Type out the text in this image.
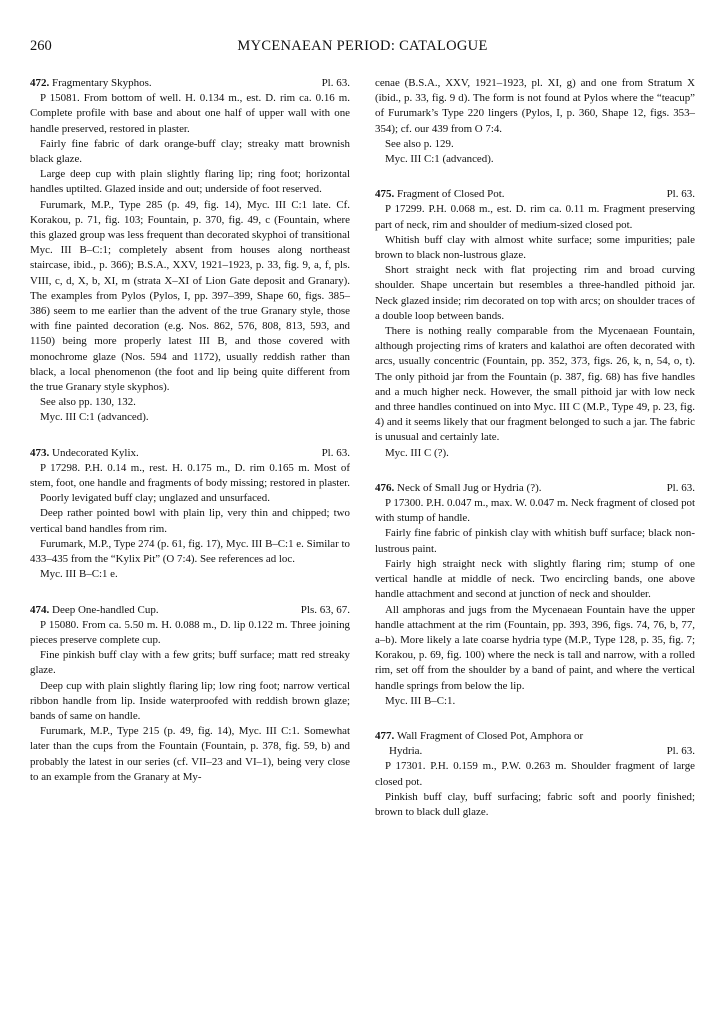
260	MYCENAEAN PERIOD: CATALOGUE
472. Fragmentary Skyphos.	Pl. 63.

P 15081. From bottom of well. H. 0.134 m., est. D. rim ca. 0.16 m. Complete profile with base and about one half of upper wall with one handle preserved, restored in plaster.

Fairly fine fabric of dark orange-buff clay; streaky matt brownish black glaze.

Large deep cup with plain slightly flaring lip; ring foot; horizontal handles uptilted. Glazed inside and out; underside of foot reserved.

Furumark, M.P., Type 285 (p. 49, fig. 14), Myc. III C:1 late. Cf. Korakou, p. 71, fig. 103; Fountain, p. 370, fig. 49, c (Fountain, where this glazed group was less frequent than decorated skyphoi of transitional Myc. III B–C:1; completely absent from houses along northeast staircase, ibid., p. 366); B.S.A., XXV, 1921–1923, p. 33, fig. 9, a, f, pls. VIII, c, d, X, b, XI, m (strata X–XI of Lion Gate deposit and Granary). The examples from Pylos (Pylos, I, pp. 397–399, Shape 60, figs. 385–386) seem to me earlier than the advent of the true Granary style, those with fine painted decoration (e.g. Nos. 862, 576, 808, 813, 593, and 1150) being more properly latest III B, and those covered with monochrome glaze (Nos. 594 and 1172), usually reddish rather than black, a local phenomenon (the foot and lip being quite different from the true Granary style skyphos).

See also pp. 130, 132.

Myc. III C:1 (advanced).

473. Undecorated Kylix.	Pl. 63.

P 17298. P.H. 0.14 m., rest. H. 0.175 m., D. rim 0.165 m. Most of stem, foot, one handle and fragments of body missing; restored in plaster.

Poorly levigated buff clay; unglazed and unsurfaced.

Deep rather pointed bowl with plain lip, very thin and chipped; two vertical band handles from rim.

Furumark, M.P., Type 274 (p. 61, fig. 17), Myc. III B–C:1 e. Similar to 433–435 from the “Kylix Pit” (O 7:4). See references ad loc.

Myc. III B–C:1 e.

474. Deep One-handled Cup.	Pls. 63, 67.

P 15080. From ca. 5.50 m. H. 0.088 m., D. lip 0.122 m. Three joining pieces preserve complete cup.

Fine pinkish buff clay with a few grits; buff surface; matt red streaky glaze.

Deep cup with plain slightly flaring lip; low ring foot; narrow vertical ribbon handle from lip. Inside waterproofed with reddish brown glaze; bands of same on handle.

Furumark, M.P., Type 215 (p. 49, fig. 14), Myc. III C:1. Somewhat later than the cups from the Fountain (Fountain, p. 378, fig. 59, b) and probably the latest in our series (cf. VII–23 and VI–1), being very close to an example from the Granary at My-

cenae (B.S.A., XXV, 1921–1923, pl. XI, g) and one from Stratum X (ibid., p. 33, fig. 9 d). The form is not found at Pylos where the “teacup” of Furumark’s Type 220 lingers (Pylos, I, p. 360, Shape 12, figs. 353–354); cf. our 439 from O 7:4.

See also p. 129.

Myc. III C:1 (advanced).

475. Fragment of Closed Pot.	Pl. 63.

P 17299. P.H. 0.068 m., est. D. rim ca. 0.11 m. Fragment preserving part of neck, rim and shoulder of medium-sized closed pot.

Whitish buff clay with almost white surface; some impurities; pale brown to black non-lustrous glaze.

Short straight neck with flat projecting rim and broad curving shoulder. Shape uncertain but resembles a three-handled pithoid jar. Neck glazed inside; rim decorated on top with arcs; on shoulder traces of a double loop between bands.

There is nothing really comparable from the Mycenaean Fountain, although projecting rims of kraters and kalathoi are often decorated with arcs, usually concentric (Fountain, pp. 352, 373, figs. 26, k, n, 54, o, t). The only pithoid jar from the Fountain (p. 387, fig. 68) has five handles and a much higher neck. However, the small pithoid jar with low neck and three handles continued on into Myc. III C (M.P., Type 49, p. 23, fig. 4) and it seems likely that our fragment belonged to such a jar. The fabric is unusual and certainly late.

Myc. III C (?).

476. Neck of Small Jug or Hydria (?).	Pl. 63.

P 17300. P.H. 0.047 m., max. W. 0.047 m. Neck fragment of closed pot with stump of handle.

Fairly fine fabric of pinkish clay with whitish buff surface; black non-lustrous paint.

Fairly high straight neck with slightly flaring rim; stump of one vertical handle at middle of neck. Two encircling bands, one above handle attachment and second at junction of neck and shoulder.

All amphoras and jugs from the Mycenaean Fountain have the upper handle attachment at the rim (Fountain, pp. 393, 396, figs. 74, 76, b, 77, a–b). More likely a late coarse hydria type (M.P., Type 128, p. 35, fig. 7; Korakou, p. 69, fig. 100) where the neck is tall and narrow, with a rolled rim, set off from the shoulder by a band of paint, and where the vertical handle springs from below the lip.

Myc. III B–C:1.

477. Wall Fragment of Closed Pot, Amphora or
Hydria.	Pl. 63.

P 17301. P.H. 0.159 m., P.W. 0.263 m. Shoulder fragment of large closed pot.

Pinkish buff clay, buff surfacing; fabric soft and poorly finished; brown to black dull glaze.
